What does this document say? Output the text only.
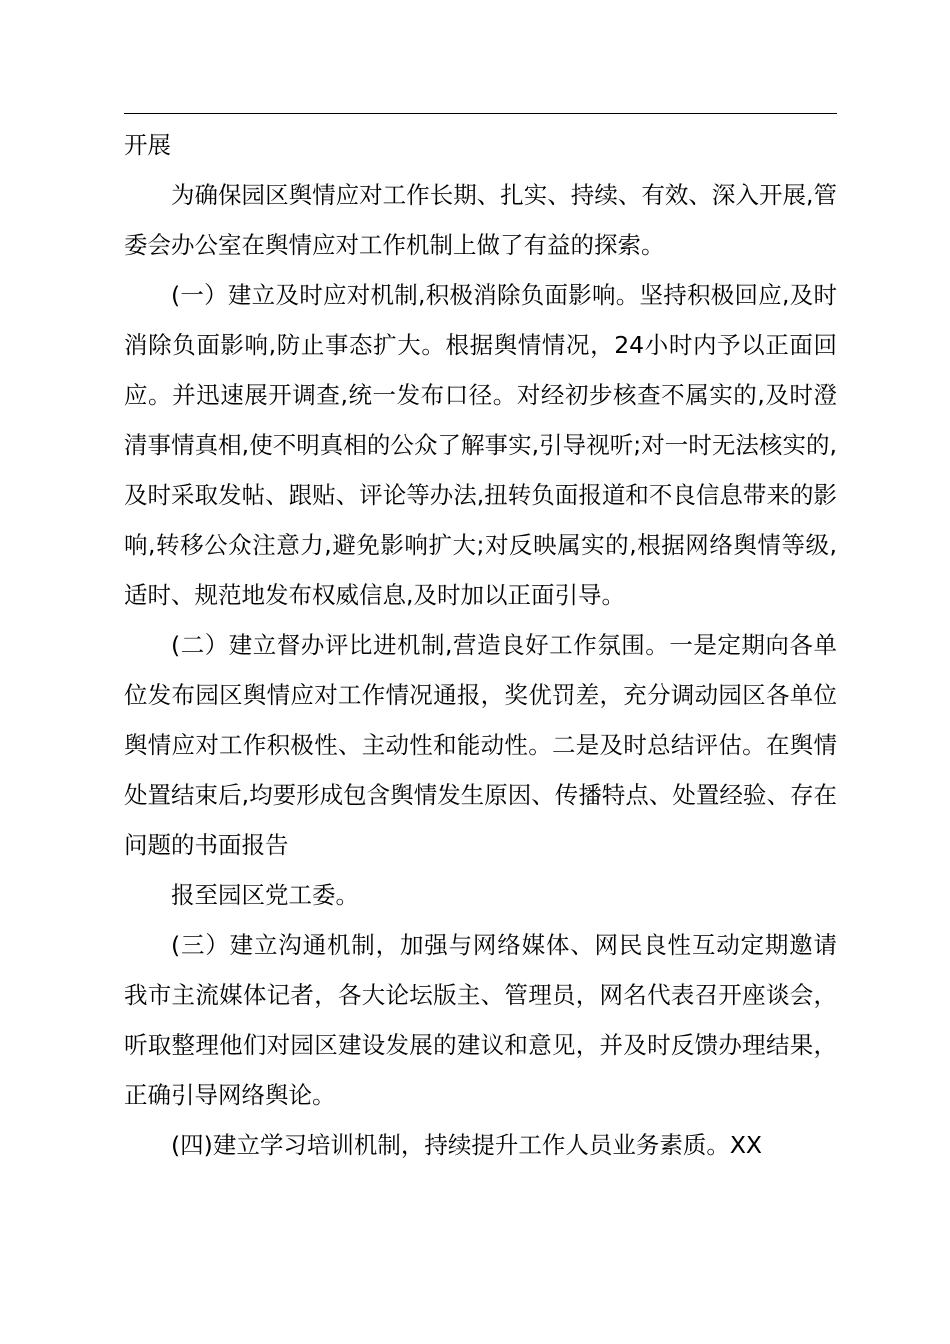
开展

为确保园区舆情应对工作长期、扎实、持续、有效、深入开展,管委会办公室在舆情应对工作机制上做了有益的探索。

(一）建立及时应对机制,积极消除负面影响。坚持积极回应,及时消除负面影响,防止事态扩大。根据舆情情况，24小时内予以正面回应。并迅速展开调查,统一发布口径。对经初步核查不属实的,及时澄清事情真相,使不明真相的公众了解事实,引导视听;对一时无法核实的,及时采取发帖、跟贴、评论等办法,扭转负面报道和不良信息带来的影响,转移公众注意力,避免影响扩大;对反映属实的,根据网络舆情等级,适时、规范地发布权威信息,及时加以正面引导。

(二）建立督办评比进机制,营造良好工作氛围。一是定期向各单位发布园区舆情应对工作情况通报，奖优罚差，充分调动园区各单位舆情应对工作积极性、主动性和能动性。二是及时总结评估。在舆情处置结束后,均要形成包含舆情发生原因、传播特点、处置经验、存在问题的书面报告

报至园区党工委。

(三）建立沟通机制，加强与网络媒体、网民良性互动定期邀请我市主流媒体记者，各大论坛版主、管理员，网名代表召开座谈会，听取整理他们对园区建设发展的建议和意见，并及时反馈办理结果，正确引导网络舆论。

(四)建立学习培训机制，持续提升工作人员业务素质。XX
